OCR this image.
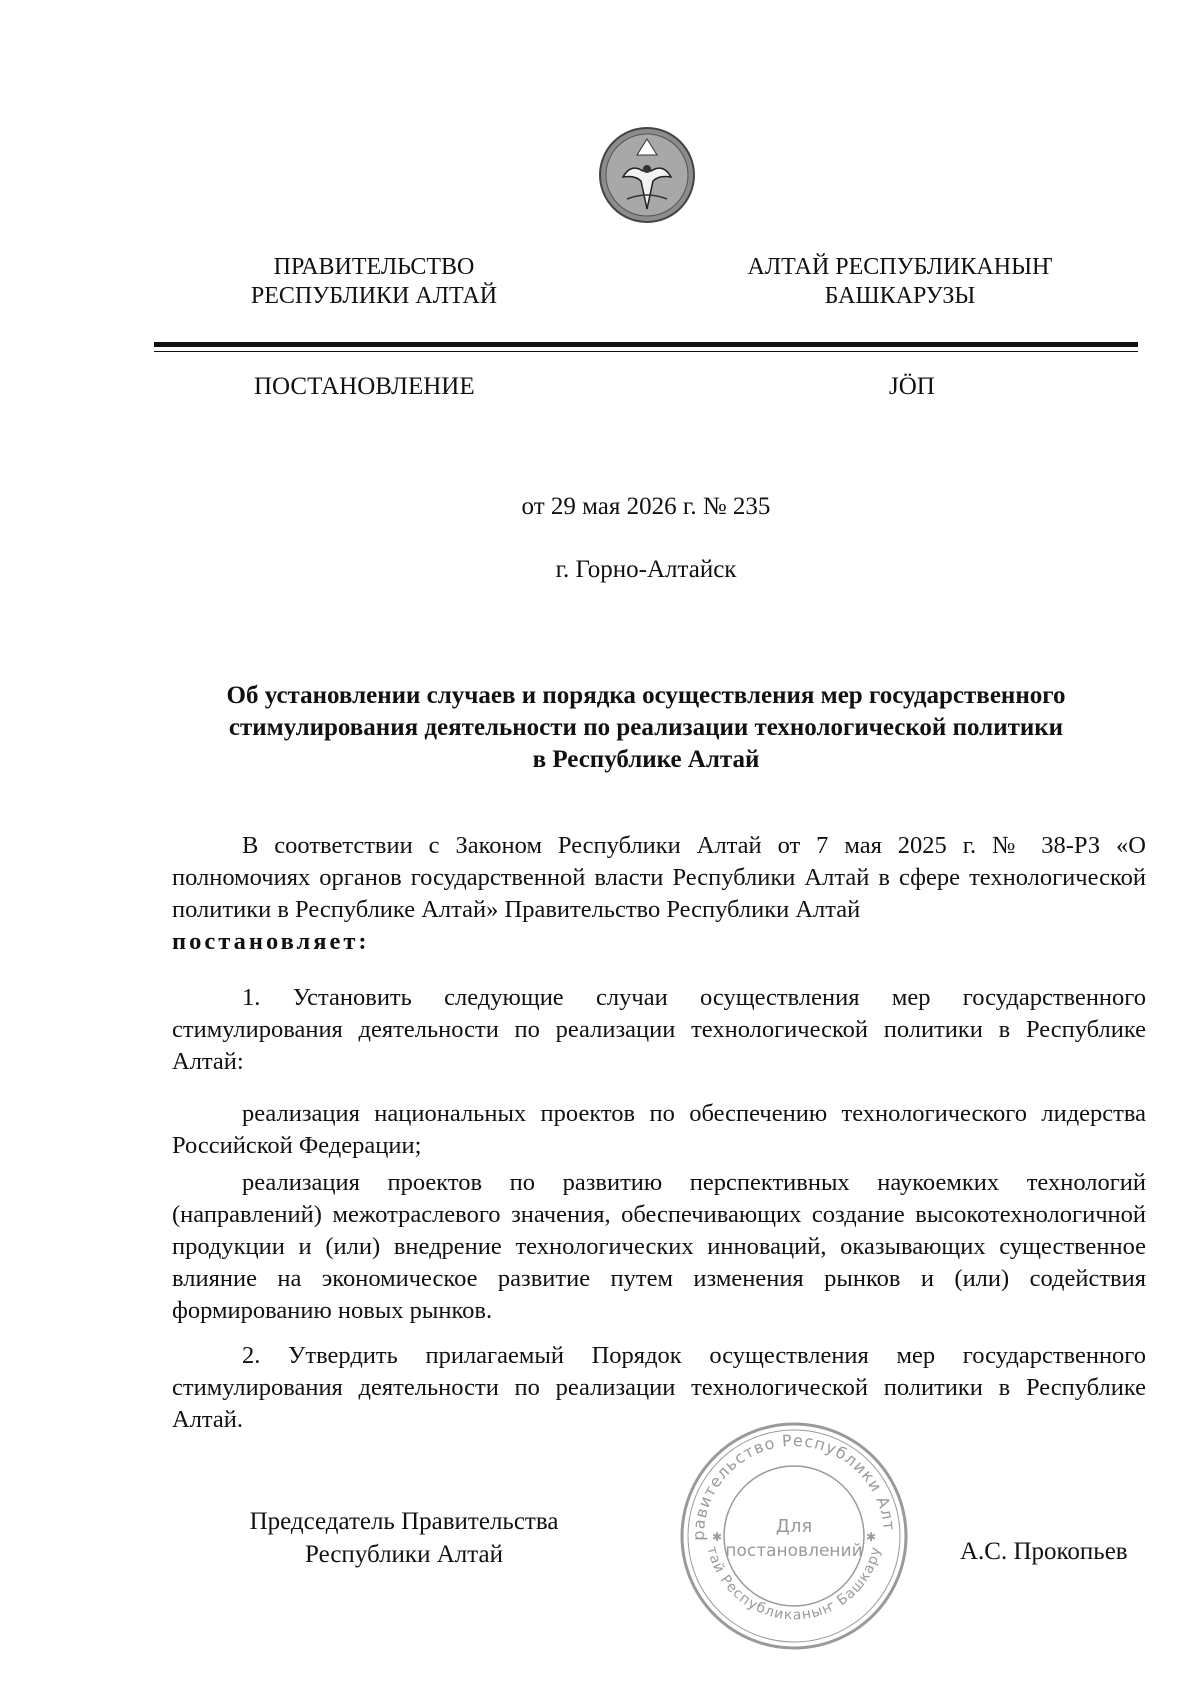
ПРАВИТЕЛЬСТВО
РЕСПУБЛИКИ АЛТАЙ
АЛТАЙ РЕСПУБЛИКАНЫҤ
БАШКАРУЗЫ
ПОСТАНОВЛЕНИЕ	ЈӦП
от 29 мая 2026 г. № 235
г. Горно-Алтайск
Об установлении случаев и порядка осуществления мер государственного
стимулирования деятельности по реализации технологической политики
в Республике Алтай

В соответствии с Законом Республики Алтай от 7 мая 2025 г. № 38-РЗ «О полномочиях органов государственной власти Республики Алтай в сфере технологической политики в Республике Алтай» Правительство Республики Алтай

постановляет:

1. Установить следующие случаи осуществления мер государственного стимулирования деятельности по реализации технологической политики в Республике Алтай:

реализация национальных проектов по обеспечению технологического лидерства Российской Федерации;

реализация проектов по развитию перспективных наукоемких технологий (направлений) межотраслевого значения, обеспечивающих создание высокотехнологичной продукции и (или) внедрение технологических инноваций, оказывающих существенное влияние на экономическое развитие путем изменения рынков и (или) содействия формированию новых рынков.

2. Утвердить прилагаемый Порядок осуществления мер государственного стимулирования деятельности по реализации технологической политики в Республике Алтай.

равительство Республики Алт
тай Республиканыҥ Башкару
Для
постановлений
✱	✱
Председатель Правительства
Республики Алтай	А.С. Прокопьев
